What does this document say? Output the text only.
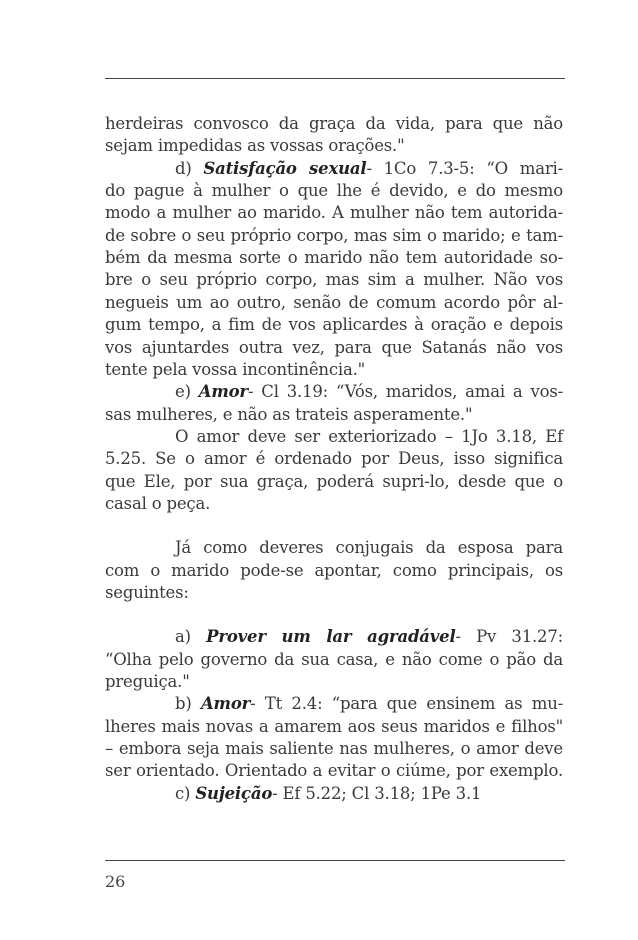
herdeiras convosco da graça da vida, para que não
sejam impedidas as vossas orações."
d) Satisfação sexual- 1Co 7.3-5: “O mari-
do pague à mulher o que lhe é devido, e do mesmo
modo a mulher ao marido. A mulher não tem autorida-
de sobre o seu próprio corpo, mas sim o marido; e tam-
bém da mesma sorte o marido não tem autoridade so-
bre o seu próprio corpo, mas sim a mulher. Não vos
negueis um ao outro, senão de comum acordo pôr al-
gum tempo, a fim de vos aplicardes à oração e depois
vos ajuntardes outra vez, para que Satanás não vos
tente pela vossa incontinência."
e) Amor- Cl 3.19: “Vós, maridos, amai a vos-
sas mulheres, e não as trateis asperamente."
O amor deve ser exteriorizado – 1Jo 3.18, Ef
5.25. Se o amor é ordenado por Deus, isso significa
que Ele, por sua graça, poderá supri-lo, desde que o
casal o peça.
Já como deveres conjugais da esposa para
com o marido pode-se apontar, como principais, os
seguintes:
a) Prover um lar agradável- Pv 31.27:
“Olha pelo governo da sua casa, e não come o pão da
preguiça."
b) Amor- Tt 2.4: “para que ensinem as mu-
lheres mais novas a amarem aos seus maridos e filhos"
– embora seja mais saliente nas mulheres, o amor deve
ser orientado. Orientado a evitar o ciúme, por exemplo.
c) Sujeição- Ef 5.22; Cl 3.18; 1Pe 3.1
26
